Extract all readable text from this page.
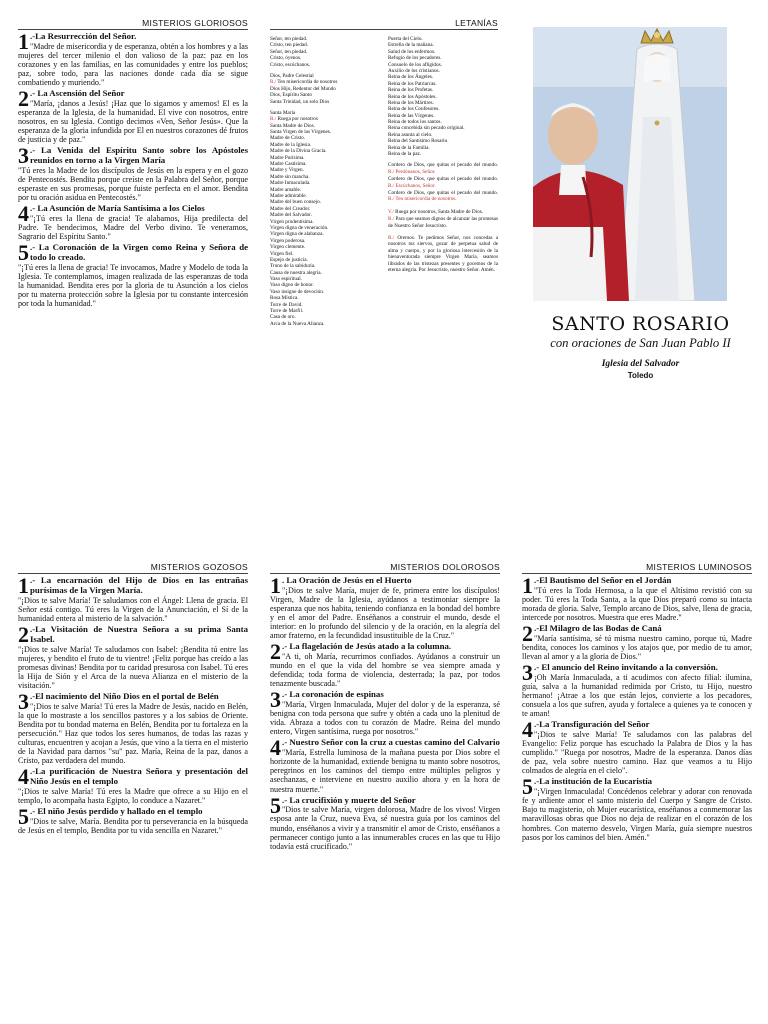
MISTERIOS GLORIOSOS
1 .-La Resurrección del Señor.
"Madre de misericordia y de esperanza, obtén a los hombres y a las mujeres del tercer milenio el don valioso de la paz: paz en los corazones y en las familias, en las comunidades y entre los pueblos; paz, sobre todo, para las naciones donde cada día se sigue combatiendo y muriendo."
2 .- La Ascensión del Señor
"María, ¡danos a Jesús! ¡Haz que lo sigamos y amemos! El es la esperanza de la Iglesia, de la humanidad. El vive con nosotros, entre nosotros, en su Iglesia. Contigo decimos «Ven, Señor Jesús». Que la esperanza de la gloria infundida por El en nuestros corazones dé frutos de justicia y de paz."
3 .- La Venida del Espíritu Santo sobre los Apóstoles reunidos en torno a la Virgen María
"Tú eres la Madre de los discípulos de Jesús en la espera y en el gozo de Pentecostés. Bendita porque creíste en la Palabra del Señor, porque esperaste en sus promesas, porque fuiste perfecta en el amor. Bendita por tu oración asidua en Pentecostés."
4 .- La Asunción de María Santísima a los Cielos
"¡Tú eres la llena de gracia! Te alabamos, Hija predilecta del Padre. Te bendecimos, Madre del Verbo divino. Te veneramos, Sagrario del Espíritu Santo."
5 .- La Coronación de la Virgen como Reina y Señora de todo lo creado.
"¡Tú eres la llena de gracia! Te invocamos, Madre y Modelo de toda la Iglesia. Te contemplamos, imagen realizada de las esperanzas de toda la humanidad. Bendita eres por la gloria de tu Asunción a los cielos por tu materna protección sobre la Iglesia por tu constante intercesión por toda la humanidad."
LETANÍAS
Señor, ten piedad.
Cristo, ten piedad.
Señor, ten piedad.
Cristo, óyenos.
Cristo, escúchanos.
Dios, Padre Celestial
R./ Ten misericordia de nosotros
Dios Hijo, Redentor del Mundo
Dios, Espíritu Santo
Santa Trinidad, un solo Dios
Santa María
R./ Ruega por nosotros
Santa Madre de Dios.
Santa Virgen de las Vírgenes.
Madre de Cristo.
Madre de la Iglesia.
Madre de la Divina Gracia.
Madre Purísima.
Madre Castísima.
Madre y Virgen.
Madre sin mancha.
Madre Inmaculada.
Madre amable.
Madre admirable.
Madre del buen consejo.
Madre del Creador.
Madre del Salvador.
Virgen prudentísima.
Virgen digna de veneración.
Virgen digna de alabanza.
Virgen poderosa.
Virgen clemente.
Virgen fiel.
Espejo de justicia.
Trono de la sabiduría.
Causa de nuestra alegría.
Vaso espiritual.
Vaso digno de honor.
Vaso insigne de devoción.
Rosa Mística.
Torre de David.
Torre de Marfil.
Casa de oro.
Arca de la Nueva Alianza.
Puerta del Cielo.
Estrella de la mañana.
Salud de los enfermos.
Refugio de los pecadores.
Consuelo de los afligidos.
Auxilio de los cristianos.
Reina de los Ángeles.
Reina de los Patriarcas.
Reina de los Profetas.
Reina de los Apóstoles.
Reina de los Mártires.
Reina de los Confesores.
Reina de las Vírgenes.
Reina de todos los santos.
Reina concebida sin pecado original.
Reina asunta al cielo.
Reina del Santísimo Rosario.
Reina de la Familia.
Reina de la paz.
Cordero de Dios, que quitas el pecado del mundo. R./ Perdónanos, Señor.
Cordero de Dios, que quitas el pecado del mundo. R./ Escúchanos, Señor.
Cordero de Dios, que quitas el pecado del mundo. R./ Ten misericordia de nosotros.
V./ Ruega por nosotros, Santa Madre de Dios.
R./ Para que seamos dignos de alcanzar las promesas de Nuestro Señor Jesucristo.
R./ Oremos. Te pedimos Señor, nos concedas a nosotros tus siervos, gozar de perpetua salud de alma y cuerpo, y por la gloriosa intercesión de la bienaventurada siempre Virgen María, seamos librados de las tristezas presentes y gocemos de la eterna alegría. Por Jesucristo, nuestro Señor. Amén.
SANTO ROSARIO
con oraciones de San Juan Pablo II
Iglesia del Salvador
Toledo
MISTERIOS GOZOSOS
1 .- La encarnación del Hijo de Dios en las entrañas purísimas de la Virgen María.
"¡Dios te salve María! Te saludamos con el Ángel: Llena de gracia. El Señor está contigo. Tú eres la Virgen de la Anunciación, el Sí de la humanidad entera al misterio de la salvación."
2 .-La Visitación de Nuestra Señora a su prima Santa Isabel.
"¡Dios te salve María! Te saludamos con Isabel: ¡Bendita tú entre las mujeres, y bendito el fruto de tu vientre! ¡Feliz porque has creído a las promesas divinas! Bendita por tu caridad presurosa con Isabel. Tú eres la Hija de Sión y el Arca de la nueva Alianza en el misterio de la visitación."
3 .-El nacimiento del Niño Dios en el portal de Belén
"¡Dios te salve María! Tú eres la Madre de Jesús, nacido en Belén, la que lo mostraste a los sencillos pastores y a los sabios de Oriente. Bendita por tu bondad materna en Belén, Bendita por tu fortaleza en la persecución." Haz que todos los seres humanos, de todas las razas y culturas, encuentren y acojan a Jesús, que vino a la tierra en el misterio de la Navidad para darnos "su" paz. María, Reina de la paz, danos a Cristo, paz verdadera del mundo.
4 .-La purificación de Nuestra Señora y presentación del Niño Jesús en el templo
"¡Dios te salve María! Tú eres la Madre que ofrece a su Hijo en el templo, lo acompaña hasta Egipto, lo conduce a Nazaret."
5 .- El niño Jesús perdido y hallado en el templo
"Dios te salve, María. Bendita por tu perseverancia en la búsqueda de Jesús en el templo, Bendita por tu vida sencilla en Nazaret."
MISTERIOS DOLOROSOS
1 . La Oración de Jesús en el Huerto
"¡Dios te salve María, mujer de fe, primera entre los discípulos! Virgen, Madre de la Iglesia, ayúdanos a testimoniar siempre la esperanza que nos habita, teniendo confianza en la bondad del hombre y en el amor del Padre. Enséñanos a construir el mundo, desde el interior: en lo profundo del silencio y de la oración, en la alegría del amor fraterno, en la fecundidad insustituible de la Cruz."
2 .- La flagelación de Jesús atado a la columna.
"A ti, oh María, recurrimos confiados. Ayúdanos a construir un mundo en el que la vida del hombre se vea siempre amada y defendida; toda forma de violencia, desterrada; la paz, por todos tenazmente buscada."
3 .- La coronación de espinas
"María, Virgen Inmaculada, Mujer del dolor y de la esperanza, sé benigna con toda persona que sufre y obtén a cada uno la plenitud de vida. Abraza a todos con tu corazón de Madre. Reina del mundo entero, Virgen santísima, ruega por nosotros."
4 .- Nuestro Señor con la cruz a cuestas camino del Calvario
"María, Estrella luminosa de la mañana puesta por Dios sobre el horizonte de la humanidad, extiende benigna tu manto sobre nosotros, peregrinos en los caminos del tiempo entre múltiples peligros y asechanzas, e interviene en nuestro auxilio ahora y en la hora de nuestra muerte."
5 .- La crucifixión y muerte del Señor
"Dios te salve María, virgen dolorosa, Madre de los vivos! Virgen esposa ante la Cruz, nueva Eva, sé nuestra guía por los caminos del mundo, enséñanos a vivir y a transmitir el amor de Cristo, enséñanos a permanecer contigo junto a las innumerables cruces en las que tu Hijo todavía está crucificado."
MISTERIOS LUMINOSOS
1 .-El Bautismo del Señor en el Jordán
"Tú eres la Toda Hermosa, a la que el Altísimo revistió con su poder. Tú eres la Toda Santa, a la que Dios preparó como su intacta morada de gloria. Salve, Templo arcano de Dios, salve, llena de gracia, intercede por nosotros. Muestra que eres Madre."
2 .-El Milagro de las Bodas de Caná
"María santísima, sé tú misma nuestro camino, porque tú, Madre bendita, conoces los caminos y los atajos que, por medio de tu amor, llevan al amor y a la gloria de Dios."
3 .- El anuncio del Reino invitando a la conversión.
¡Oh María Inmaculada, a ti acudimos con afecto filial: ilumina, guía, salva a la humanidad redimida por Cristo, tu Hijo, nuestro hermano! ¡Atrae a los que están lejos, convierte a los pecadores, consuela a los que sufren, ayuda y fortalece a quienes ya te conocen y te aman!
4 .-La Transfiguración del Señor
"¡Dios te salve María! Te saludamos con las palabras del Evangelio: Feliz porque has escuchado la Palabra de Dios y la has cumplido." "Ruega por nosotros, Madre de la esperanza. Danos días de paz, vela sobre nuestro camino. Haz que veamos a tu Hijo colmados de alegría en el cielo".
5 .-La institución de la Eucaristía
"¡Virgen Inmaculada! Concédenos celebrar y adorar con renovada fe y ardiente amor el santo misterio del Cuerpo y Sangre de Cristo. Bajo tu magisterio, oh Mujer eucarística, enséñanos a conmemorar las maravillosas obras que Dios no deja de realizar en el corazón de los hombres. Con materno desvelo, Virgen María, guía siempre nuestros pasos por los caminos del bien. Amén."
